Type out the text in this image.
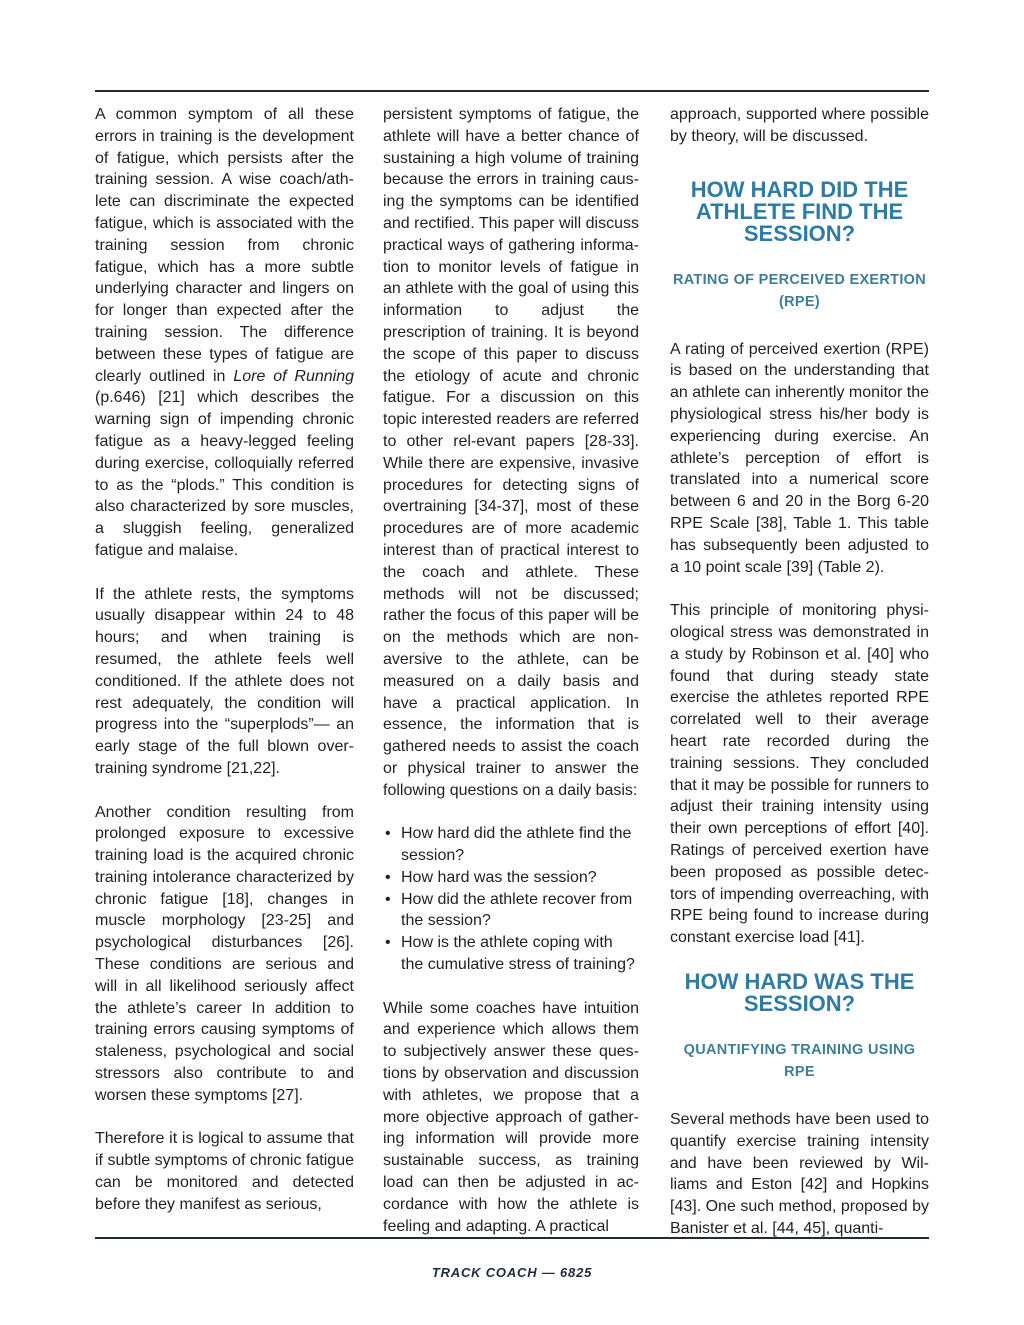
A common symptom of all these errors in training is the development of fatigue, which persists after the training session. A wise coach/ath-lete can discriminate the expected fatigue, which is associated with the training session from chronic fatigue, which has a more subtle underlying character and lingers on for longer than expected after the training session. The difference between these types of fatigue are clearly outlined in Lore of Running (p.646) [21] which describes the warning sign of impending chronic fatigue as a heavy-legged feeling during exercise, colloquially referred to as the “plods.” This condition is also characterized by sore muscles, a sluggish feeling, generalized fatigue and malaise.

If the athlete rests, the symptoms usually disappear within 24 to 48 hours; and when training is resumed, the athlete feels well conditioned. If the athlete does not rest adequately, the condition will progress into the “superplods”— an early stage of the full blown over-training syndrome [21,22].

Another condition resulting from prolonged exposure to excessive training load is the acquired chronic training intolerance characterized by chronic fatigue [18], changes in muscle morphology [23-25] and psychological disturbances [26]. These conditions are serious and will in all likelihood seriously affect the athlete’s career In addition to training errors causing symptoms of staleness, psychological and social stressors also contribute to and worsen these symptoms [27].

Therefore it is logical to assume that if subtle symptoms of chronic fatigue can be monitored and detected before they manifest as serious,

persistent symptoms of fatigue, the athlete will have a better chance of sustaining a high volume of training because the errors in training caus-ing the symptoms can be identified and rectified. This paper will discuss practical ways of gathering informa-tion to monitor levels of fatigue in an athlete with the goal of using this information to adjust the prescription of training. It is beyond the scope of this paper to discuss the etiology of acute and chronic fatigue. For a discussion on this topic interested readers are referred to other rel-evant papers [28-33]. While there are expensive, invasive procedures for detecting signs of overtraining [34-37], most of these procedures are of more academic interest than of practical interest to the coach and athlete. These methods will not be discussed; rather the focus of this paper will be on the methods which are non-aversive to the athlete, can be measured on a daily basis and have a practical application. In essence, the information that is gathered needs to assist the coach or physical trainer to answer the following questions on a daily basis:

• How hard did the athlete find the session?
• How hard was the session?
• How did the athlete recover from the session?
• How is the athlete coping with the cumulative stress of training?

While some coaches have intuition and experience which allows them to subjectively answer these ques-tions by observation and discussion with athletes, we propose that a more objective approach of gather-ing information will provide more sustainable success, as training load can then be adjusted in ac-cordance with how the athlete is feeling and adapting. A practical

approach, supported where possible by theory, will be discussed.

HOW HARD DID THE ATHLETE FIND THE SESSION?
RATING OF PERCEIVED EXERTION (RPE)

A rating of perceived exertion (RPE) is based on the understanding that an athlete can inherently monitor the physiological stress his/her body is experiencing during exercise. An athlete’s perception of effort is translated into a numerical score between 6 and 20 in the Borg 6-20 RPE Scale [38], Table 1. This table has subsequently been adjusted to a 10 point scale [39] (Table 2).

This principle of monitoring physi-ological stress was demonstrated in a study by Robinson et al. [40] who found that during steady state exercise the athletes reported RPE correlated well to their average heart rate recorded during the training sessions. They concluded that it may be possible for runners to adjust their training intensity using their own perceptions of effort [40]. Ratings of perceived exertion have been proposed as possible detec-tors of impending overreaching, with RPE being found to increase during constant exercise load [41].

HOW HARD WAS THE SESSION?
QUANTIFYING TRAINING USING RPE

Several methods have been used to quantify exercise training intensity and have been reviewed by Wil-liams and Eston [42] and Hopkins [43]. One such method, proposed by Banister et al. [44, 45], quanti-

TRACK COACH — 6825
